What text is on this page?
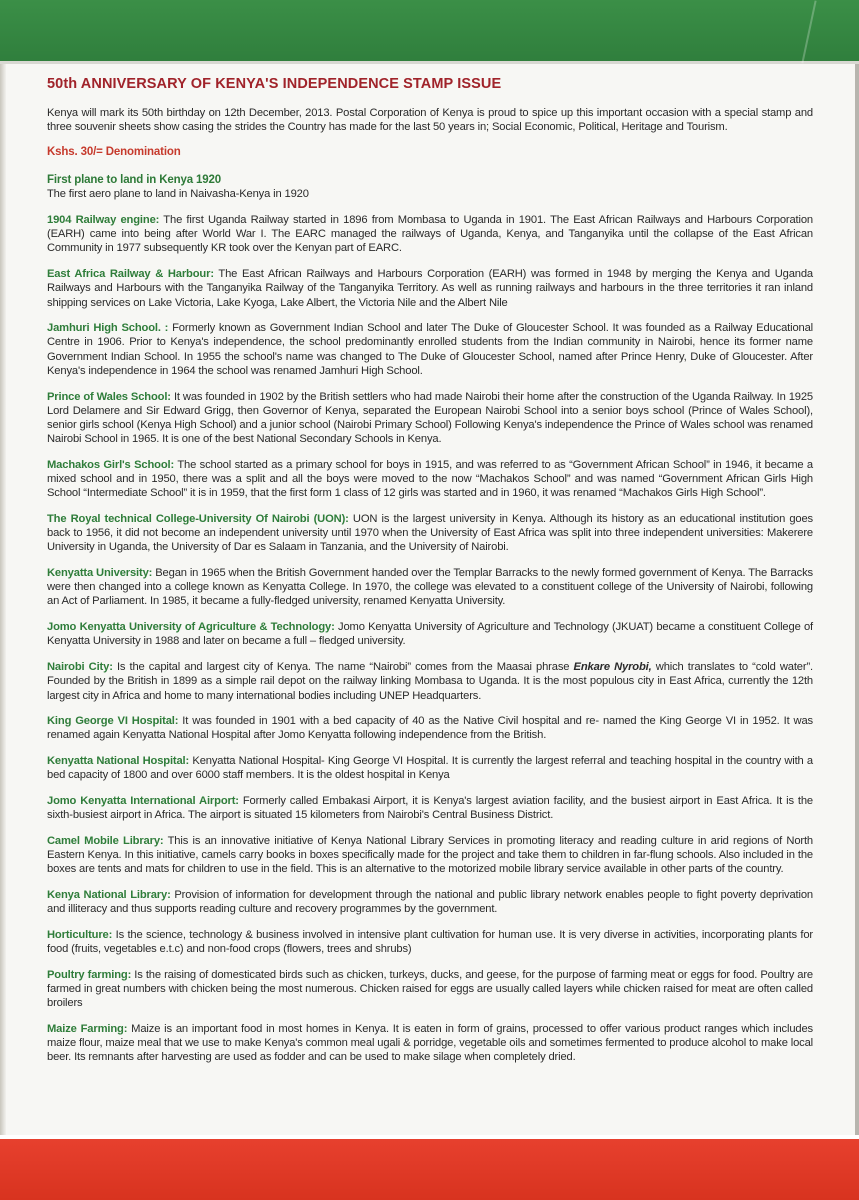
50th ANNIVERSARY OF KENYA'S INDEPENDENCE STAMP ISSUE

Kenya will mark its 50th birthday on 12th December, 2013. Postal Corporation of Kenya is proud to spice up this important occasion with a special stamp and three souvenir sheets show casing the strides the Country has made for the last 50 years in; Social Economic, Political, Heritage and Tourism.

Kshs. 30/= Denomination

First plane to land in Kenya 1920

The first aero plane to land in Naivasha-Kenya in 1920

1904 Railway engine: The first Uganda Railway started in 1896 from Mombasa to Uganda in 1901. The East African Railways and Harbours Corporation (EARH) came into being after World War I. The EARC managed the railways of Uganda, Kenya, and Tanganyika until the collapse of the East African Community in 1977 subsequently KR took over the Kenyan part of EARC.

East Africa Railway & Harbour: The East African Railways and Harbours Corporation (EARH) was formed in 1948 by merging the Kenya and Uganda Railways and Harbours with the Tanganyika Railway of the Tanganyika Territory. As well as running railways and harbours in the three territories it ran inland shipping services on Lake Victoria, Lake Kyoga, Lake Albert, the Victoria Nile and the Albert Nile

Jamhuri High School. : Formerly known as Government Indian School and later The Duke of Gloucester School. It was founded as a Railway Educational Centre in 1906. Prior to Kenya's independence, the school predominantly enrolled students from the Indian community in Nairobi, hence its former name Government Indian School. In 1955 the school's name was changed to The Duke of Gloucester School, named after Prince Henry, Duke of Gloucester. After Kenya's independence in 1964 the school was renamed Jamhuri High School.

Prince of Wales School: It was founded in 1902 by the British settlers who had made Nairobi their home after the construction of the Uganda Railway. In 1925 Lord Delamere and Sir Edward Grigg, then Governor of Kenya, separated the European Nairobi School into a senior boys school (Prince of Wales School), senior girls school (Kenya High School) and a junior school (Nairobi Primary School) Following Kenya's independence the Prince of Wales school was renamed Nairobi School in 1965. It is one of the best National Secondary Schools in Kenya.

Machakos Girl's School: The school started as a primary school for boys in 1915, and was referred to as “Government African School” in 1946, it became a mixed school and in 1950, there was a split and all the boys were moved to the now “Machakos School” and was named “Government African Girls High School “Intermediate School” it is in 1959, that the first form 1 class of 12 girls was started and in 1960, it was renamed “Machakos Girls High School”.

The Royal technical College-University Of Nairobi (UON): UON is the largest university in Kenya. Although its history as an educational institution goes back to 1956, it did not become an independent university until 1970 when the University of East Africa was split into three independent universities: Makerere University in Uganda, the University of Dar es Salaam in Tanzania, and the University of Nairobi.

Kenyatta University: Began in 1965 when the British Government handed over the Templar Barracks to the newly formed government of Kenya. The Barracks were then changed into a college known as Kenyatta College. In 1970, the college was elevated to a constituent college of the University of Nairobi, following an Act of Parliament. In 1985, it became a fully-fledged university, renamed Kenyatta University.

Jomo Kenyatta University of Agriculture & Technology: Jomo Kenyatta University of Agriculture and Technology (JKUAT) became a constituent College of Kenyatta University in 1988 and later on became a full – fledged university.

Nairobi City: Is the capital and largest city of Kenya. The name “Nairobi” comes from the Maasai phrase Enkare Nyrobi, which translates to “cold water”. Founded by the British in 1899 as a simple rail depot on the railway linking Mombasa to Uganda. It is the most populous city in East Africa, currently the 12th largest city in Africa and home to many international bodies including UNEP Headquarters.

King George VI Hospital: It was founded in 1901 with a bed capacity of 40 as the Native Civil hospital and re- named the King George VI in 1952. It was renamed again Kenyatta National Hospital after Jomo Kenyatta following independence from the British.

Kenyatta National Hospital: Kenyatta National Hospital- King George VI Hospital. It is currently the largest referral and teaching hospital in the country with a bed capacity of 1800 and over 6000 staff members. It is the oldest hospital in Kenya

Jomo Kenyatta International Airport: Formerly called Embakasi Airport, it is Kenya's largest aviation facility, and the busiest airport in East Africa. It is the sixth-busiest airport in Africa. The airport is situated 15 kilometers from Nairobi's Central Business District.

Camel Mobile Library: This is an innovative initiative of Kenya National Library Services in promoting literacy and reading culture in arid regions of North Eastern Kenya. In this initiative, camels carry books in boxes specifically made for the project and take them to children in far-flung schools. Also included in the boxes are tents and mats for children to use in the field. This is an alternative to the motorized mobile library service available in other parts of the country.

Kenya National Library: Provision of information for development through the national and public library network enables people to fight poverty deprivation and illiteracy and thus supports reading culture and recovery programmes by the government.

Horticulture: Is the science, technology & business involved in intensive plant cultivation for human use. It is very diverse in activities, incorporating plants for food (fruits, vegetables e.t.c) and non-food crops (flowers, trees and shrubs)

Poultry farming: Is the raising of domesticated birds such as chicken, turkeys, ducks, and geese, for the purpose of farming meat or eggs for food. Poultry are farmed in great numbers with chicken being the most numerous. Chicken raised for eggs are usually called layers while chicken raised for meat are often called broilers

Maize Farming: Maize is an important food in most homes in Kenya. It is eaten in form of grains, processed to offer various product ranges which includes maize flour, maize meal that we use to make Kenya's common meal ugali & porridge, vegetable oils and sometimes fermented to produce alcohol to make local beer. Its remnants after harvesting are used as fodder and can be used to make silage when completely dried.
